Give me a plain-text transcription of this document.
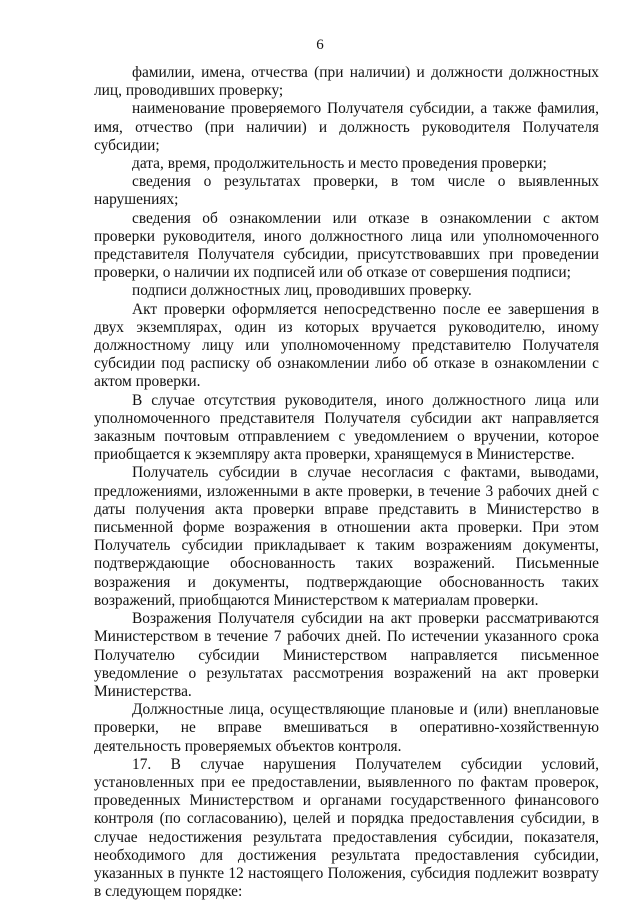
6

фамилии, имена, отчества (при наличии) и должности должностных лиц, проводивших проверку;

наименование проверяемого Получателя субсидии, а также фамилия, имя, отчество (при наличии) и должность руководителя Получателя субсидии;

дата, время, продолжительность и место проведения проверки;

сведения о результатах проверки, в том числе о выявленных нарушениях;

сведения об ознакомлении или отказе в ознакомлении с актом проверки руководителя, иного должностного лица или уполномоченного представителя Получателя субсидии, присутствовавших при проведении проверки, о наличии их подписей или об отказе от совершения подписи;

подписи должностных лиц, проводивших проверку.

Акт проверки оформляется непосредственно после ее завершения в двух экземплярах, один из которых вручается руководителю, иному должностному лицу или уполномоченному представителю Получателя субсидии под расписку об ознакомлении либо об отказе в ознакомлении с актом проверки.

В случае отсутствия руководителя, иного должностного лица или уполномоченного представителя Получателя субсидии акт направляется заказным почтовым отправлением с уведомлением о вручении, которое приобщается к экземпляру акта проверки, хранящемуся в Министерстве.

Получатель субсидии в случае несогласия с фактами, выводами, предложениями, изложенными в акте проверки, в течение 3 рабочих дней с даты получения акта проверки вправе представить в Министерство в письменной форме возражения в отношении акта проверки. При этом Получатель субсидии прикладывает к таким возражениям документы, подтверждающие обоснованность таких возражений. Письменные возражения и документы, подтверждающие обоснованность таких возражений, приобщаются Министерством к материалам проверки.

Возражения Получателя субсидии на акт проверки рассматриваются Министерством в течение 7 рабочих дней. По истечении указанного срока Получателю субсидии Министерством направляется письменное уведомление о результатах рассмотрения возражений на акт проверки Министерства.

Должностные лица, осуществляющие плановые и (или) внеплановые проверки, не вправе вмешиваться в оперативно-хозяйственную деятельность проверяемых объектов контроля.

17. В случае нарушения Получателем субсидии условий, установленных при ее предоставлении, выявленного по фактам проверок, проведенных Министерством и органами государственного финансового контроля (по согласованию), целей и порядка предоставления субсидии, в случае недостижения результата предоставления субсидии, показателя, необходимого для достижения результата предоставления субсидии, указанных в пункте 12 настоящего Положения, субсидия подлежит возврату в следующем порядке:
